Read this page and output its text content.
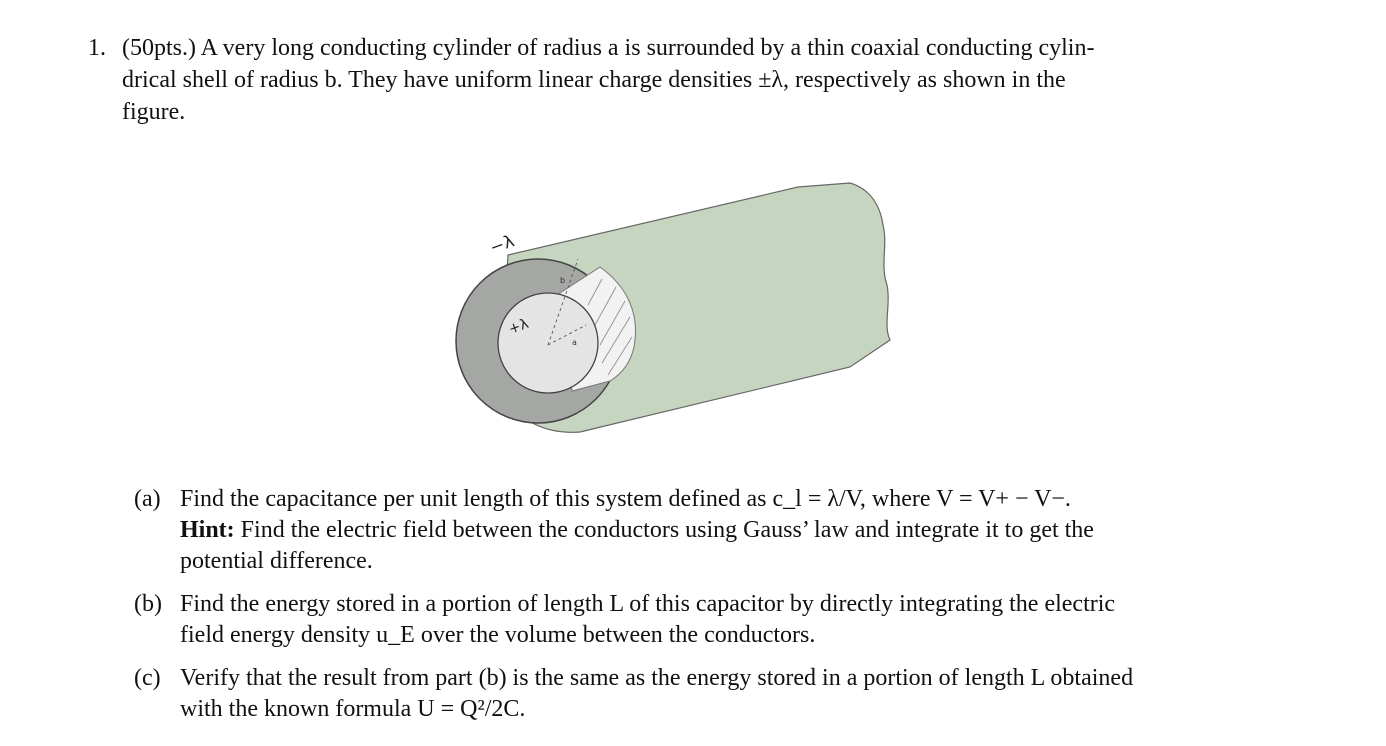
1. (50pts.) A very long conducting cylinder of radius a is surrounded by a thin coaxial conducting cylin-
drical shell of radius b. They have uniform linear charge densities ±λ, respectively as shown in the
figure.
−λ
+λ
b
a
(a) Find the capacitance per unit length of this system defined as c_l = λ/V, where V = V+ − V−.
Hint: Find the electric field between the conductors using Gauss’ law and integrate it to get the
potential difference.
(b) Find the energy stored in a portion of length L of this capacitor by directly integrating the electric
field energy density u_E over the volume between the conductors.
(c) Verify that the result from part (b) is the same as the energy stored in a portion of length L obtained
with the known formula U = Q²/2C.
